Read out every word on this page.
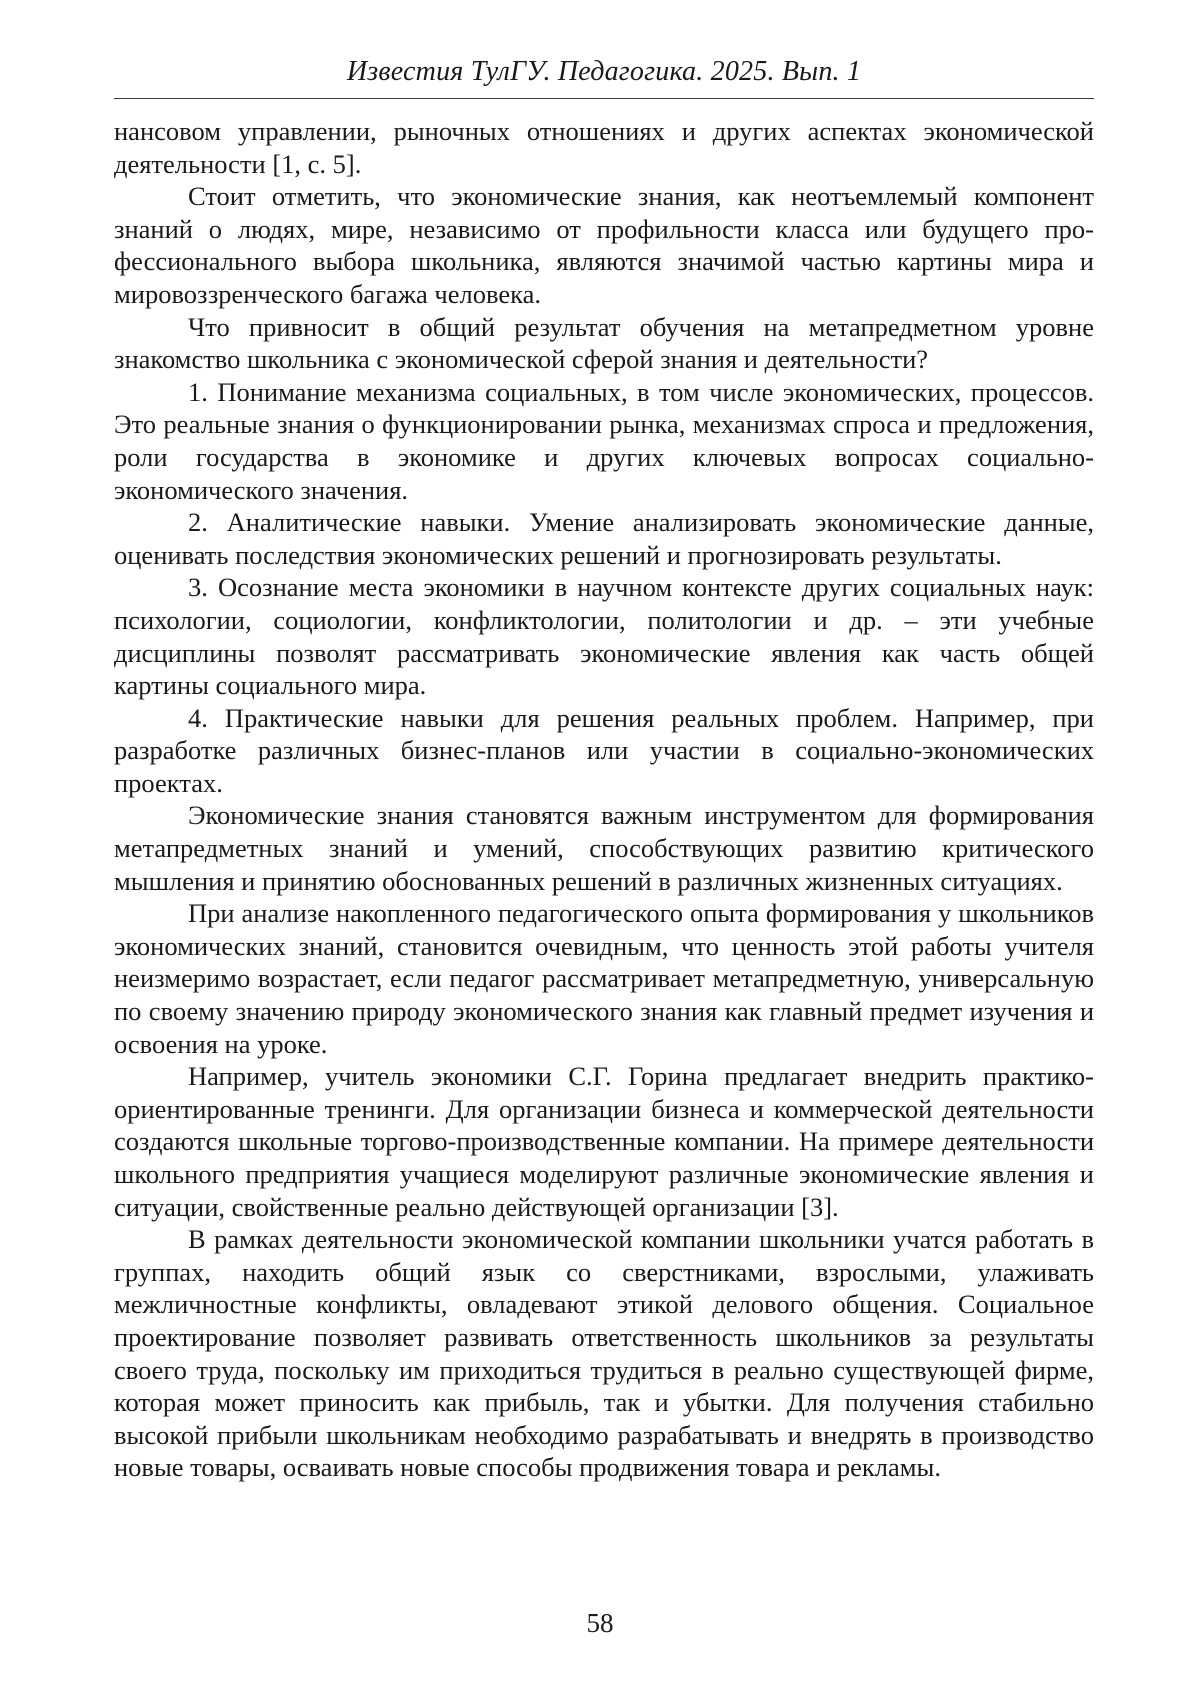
Известия ТулГУ. Педагогика. 2025. Вып. 1

нансовом управлении, рыночных отношениях и других аспектах экономической деятельности [1, с. 5].

Стоит отметить, что экономические знания, как неотъемлемый компонент знаний о людях, мире, независимо от профильности класса или будущего профессионального выбора школьника, являются значимой частью картины мира и мировоззренческого багажа человека.

Что привносит в общий результат обучения на метапредметном уровне знакомство школьника с экономической сферой знания и деятельности?

1. Понимание механизма социальных, в том числе экономических, процессов. Это реальные знания о функционировании рынка, механизмах спроса и предложения, роли государства в экономике и других ключевых вопросах социально-экономического значения.

2. Аналитические навыки. Умение анализировать экономические данные, оценивать последствия экономических решений и прогнозировать результаты.

3. Осознание места экономики в научном контексте других социальных наук: психологии, социологии, конфликтологии, политологии и др. – эти учебные дисциплины позволят рассматривать экономические явления как часть общей картины социального мира.

4. Практические навыки для решения реальных проблем. Например, при разработке различных бизнес-планов или участии в социально-экономических проектах.

Экономические знания становятся важным инструментом для формирования метапредметных знаний и умений, способствующих развитию критического мышления и принятию обоснованных решений в различных жизненных ситуациях.

При анализе накопленного педагогического опыта формирования у школьников экономических знаний, становится очевидным, что ценность этой работы учителя неизмеримо возрастает, если педагог рассматривает метапредметную, универсальную по своему значению природу экономического знания как главный предмет изучения и освоения на уроке.

Например, учитель экономики С.Г. Горина предлагает внедрить практико-ориентированные тренинги. Для организации бизнеса и коммерческой деятельности создаются школьные торгово-производственные компании. На примере деятельности школьного предприятия учащиеся моделируют различные экономические явления и ситуации, свойственные реально действующей организации [3].

В рамках деятельности экономической компании школьники учатся работать в группах, находить общий язык со сверстниками, взрослыми, улаживать межличностные конфликты, овладевают этикой делового общения. Социальное проектирование позволяет развивать ответственность школьников за результаты своего труда, поскольку им приходиться трудиться в реально существующей фирме, которая может приносить как прибыль, так и убытки. Для получения стабильно высокой прибыли школьникам необходимо разрабатывать и внедрять в производство новые товары, осваивать новые способы продвижения товара и рекламы.

58
